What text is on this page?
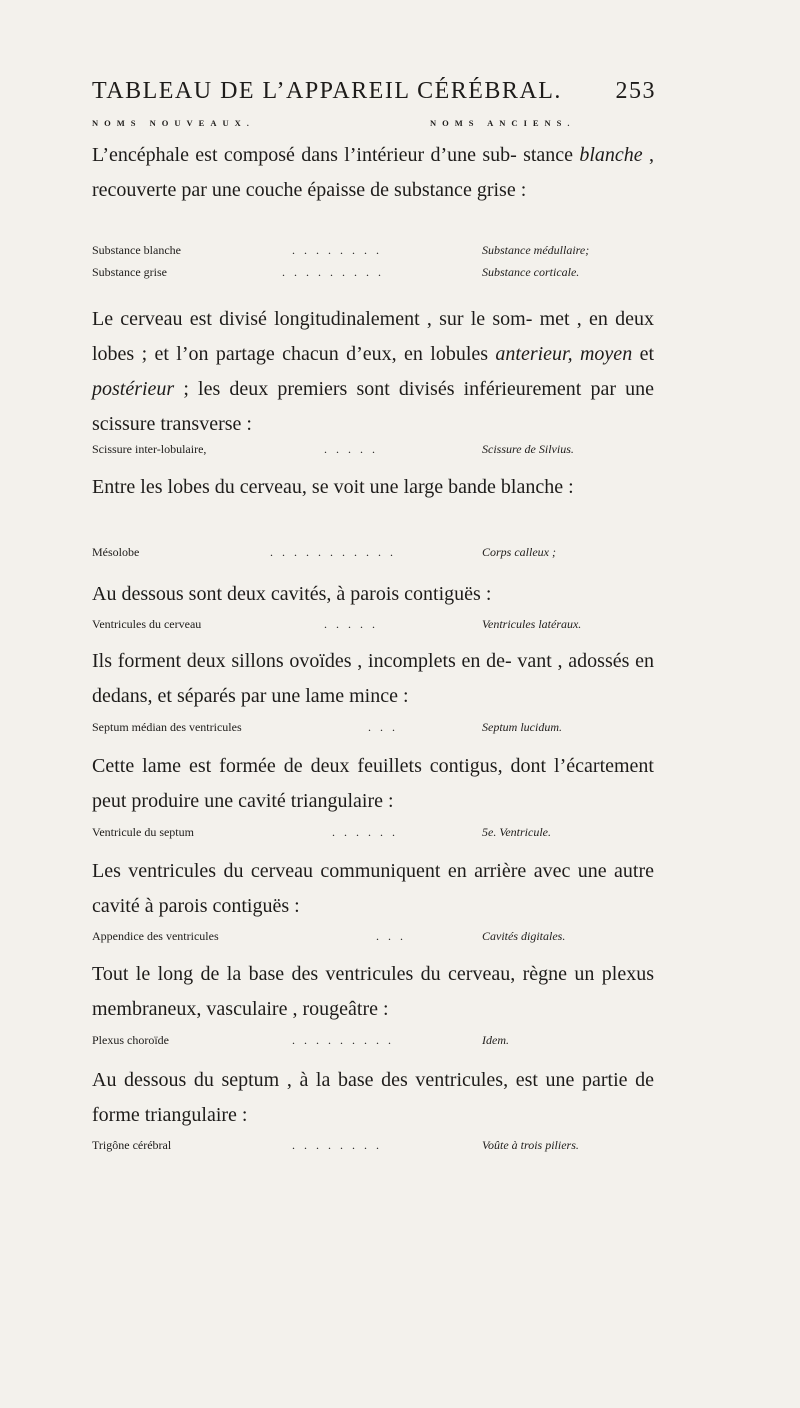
TABLEAU DE L’APPAREIL CÉRÉBRAL. 253
NOMS NOUVEAUX.	NOMS ANCIENS.
L’encéphale est composé dans l’intérieur d’une sub- stance blanche , recouverte par une couche épaisse de substance grise :
Substance blanche	. . . . . . . .	Substance médullaire;
Substance grise	. . . . . . . . .	Substance corticale.
Le cerveau est divisé longitudinalement , sur le som- met , en deux lobes ; et l’on partage chacun d’eux, en lobules anterieur, moyen et postérieur ; les deux premiers sont divisés inférieurement par une scissure transverse :
Scissure inter-lobulaire,	. . . . .	Scissure de Silvius.
Entre les lobes du cerveau, se voit une large bande blanche :
Mésolobe	. . . . . . . . . . .	Corps calleux ;
Au dessous sont deux cavités, à parois contiguës :
Ventricules du cerveau	. . . . .	Ventricules latéraux.
Ils forment deux sillons ovoïdes , incomplets en de- vant , adossés en dedans, et séparés par une lame mince :
Septum médian des ventricules	. . .	Septum lucidum.
Cette lame est formée de deux feuillets contigus, dont l’écartement peut produire une cavité triangulaire :
Ventricule du septum	. . . . . .	5e. Ventricule.
Les ventricules du cerveau communiquent en arrière avec une autre cavité à parois contiguës :
Appendice des ventricules	. . .	Cavités digitales.
Tout le long de la base des ventricules du cerveau, règne un plexus membraneux, vasculaire , rougeâtre :
Plexus choroïde	. . . . . . . . .	Idem.
Au dessous du septum , à la base des ventricules, est une partie de forme triangulaire :
Trigône cérébral	. . . . . . . .	Voûte à trois piliers.
